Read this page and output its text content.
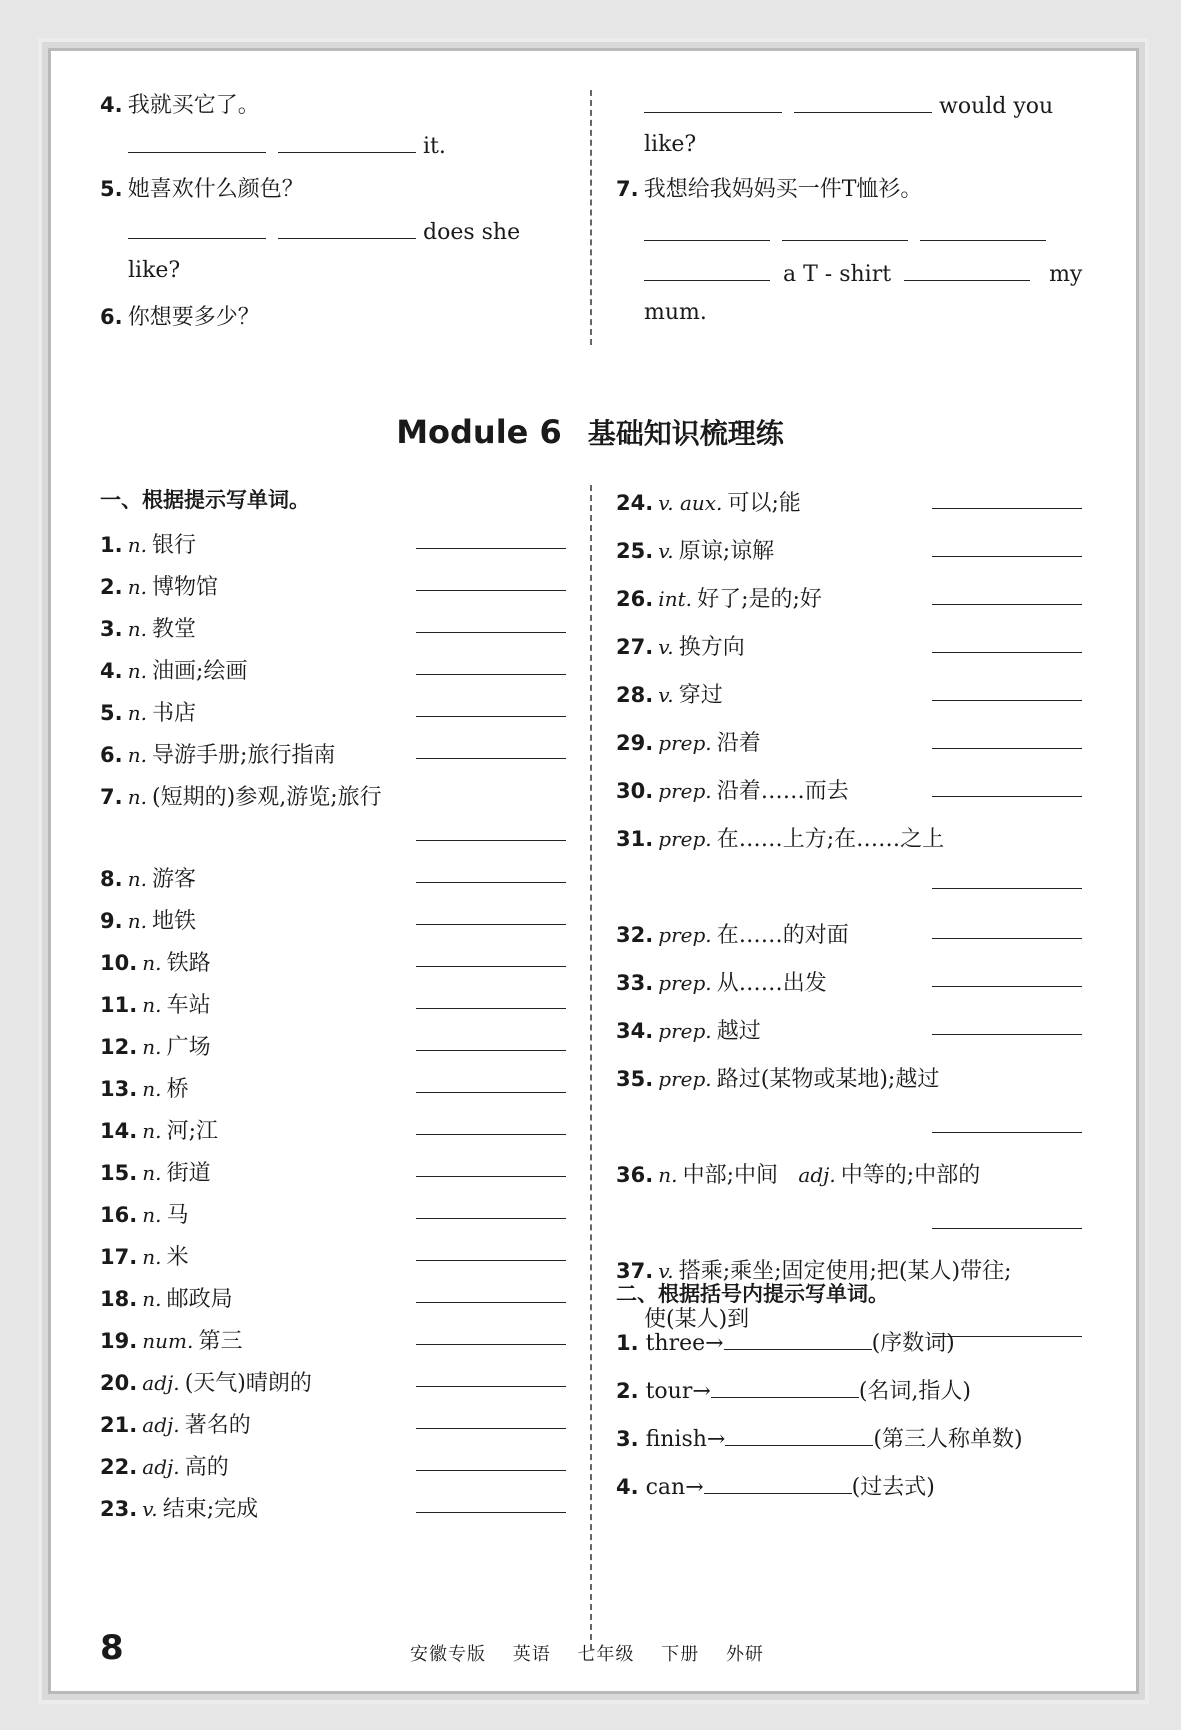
4. 我就买它了。
it.
5. 她喜欢什么颜色？
does she
like?
6. 你想要多少？
would you
like?
7. 我想给我妈妈买一件T恤衫。

a T - shirt	my
mum.
Module 6 基础知识梳理练
一、根据提示写单词。
1. n. 银行
2. n. 博物馆
3. n. 教堂
4. n. 油画;绘画
5. n. 书店
6. n. 导游手册;旅行指南
7. n. (短期的)参观,游览;旅行
8. n. 游客
9. n. 地铁
10. n. 铁路
11. n. 车站
12. n. 广场
13. n. 桥
14. n. 河;江
15. n. 街道
16. n. 马
17. n. 米
18. n. 邮政局
19. num. 第三
20. adj. (天气)晴朗的
21. adj. 著名的
22. adj. 高的
23. v. 结束;完成
24. v. aux. 可以;能
25. v. 原谅;谅解
26. int. 好了;是的;好
27. v. 换方向
28. v. 穿过
29. prep. 沿着
30. prep. 沿着……而去
31. prep. 在……上方;在……之上
32. prep. 在……的对面
33. prep. 从……出发
34. prep. 越过
35. prep. 路过(某物或某地);越过
36. n. 中部;中间 adj. 中等的;中部的
37. v. 搭乘;乘坐;固定使用;把(某人)带往;
使(某人)到
二、根据括号内提示写单词。
1. three→	(序数词)
2. tour→	(名词,指人)
3. finish→	(第三人称单数)
4. can→	(过去式)
8	安徽专版 英语 七年级 下册 外研
